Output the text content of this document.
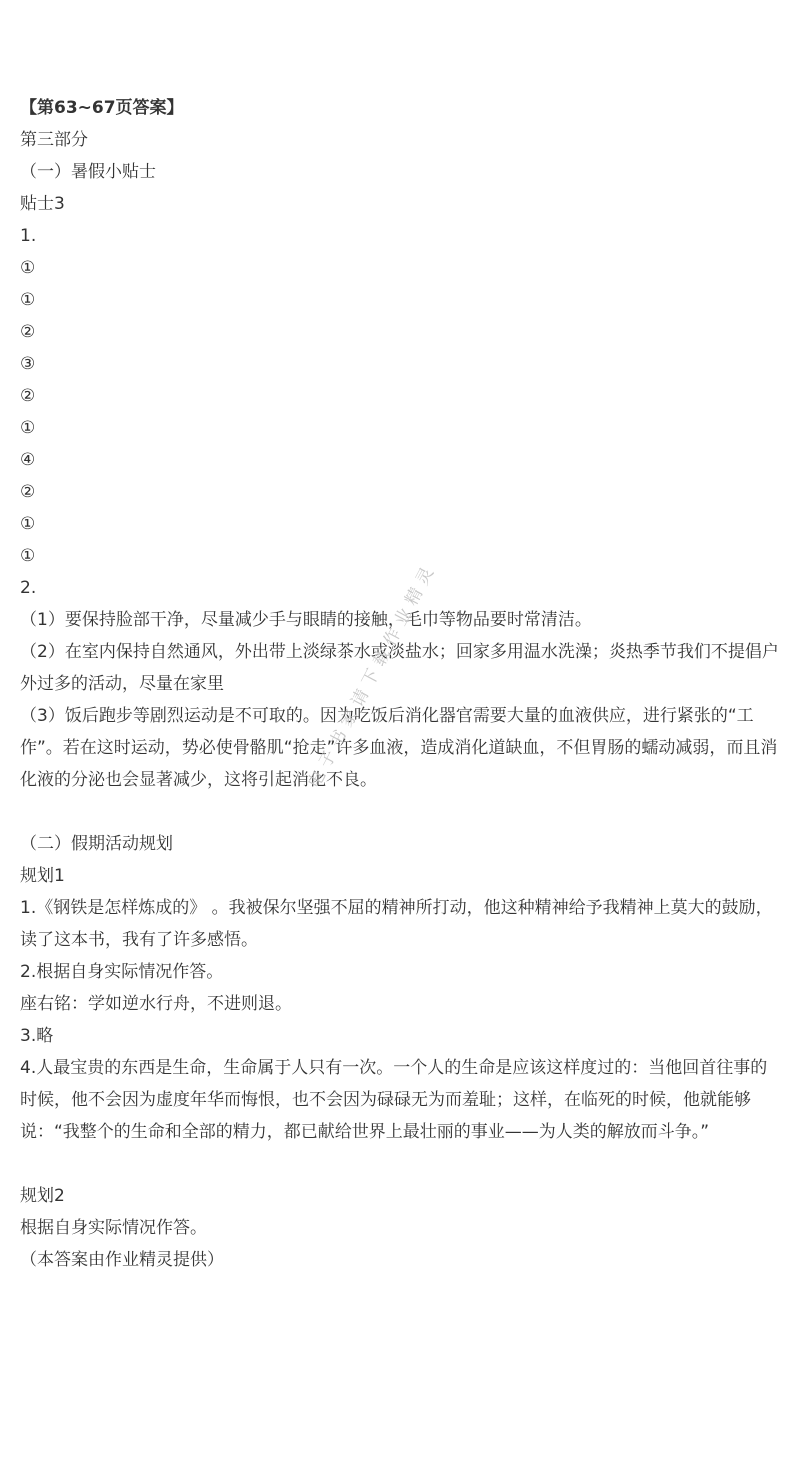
【第63~67页答案】
第三部分
（一）暑假小贴士
贴士3
1.
①
①
②
③
②
①
④
②
①
①
2.
（1）要保持脸部干净，尽量减少手与眼睛的接触，毛巾等物品要时常清洁。
（2）在室内保持自然通风，外出带上淡绿茶水或淡盐水；回家多用温水洗澡；炎热季节我们不提倡户外过多的活动，尽量在家里
（3）饭后跑步等剧烈运动是不可取的。因为吃饭后消化器官需要大量的血液供应，进行紧张的“工作”。若在这时运动，势必使骨骼肌“抢走”许多血液，造成消化道缺血，不但胃肠的蠕动减弱，而且消化液的分泌也会显著减少，这将引起消化不良。
（二）假期活动规划
规划1
1.《钢铁是怎样炼成的》 。我被保尔坚强不屈的精神所打动，他这种精神给予我精神上莫大的鼓励，读了这本书，我有了许多感悟。
2.根据自身实际情况作答。
座右铭：学如逆水行舟，不进则退。
3.略
4.人最宝贵的东西是生命，生命属于人只有一次。一个人的生命是应该这样度过的：当他回首往事的时候，他不会因为虚度年华而悔恨，也不会因为碌碌无为而羞耻；这样，在临死的时候，他就能够说：“我整个的生命和全部的精力，都已献给世界上最壮丽的事业——为人类的解放而斗争。”
规划2
根据自身实际情况作答。
（本答案由作业精灵提供）
电子书家请下载作业精灵
